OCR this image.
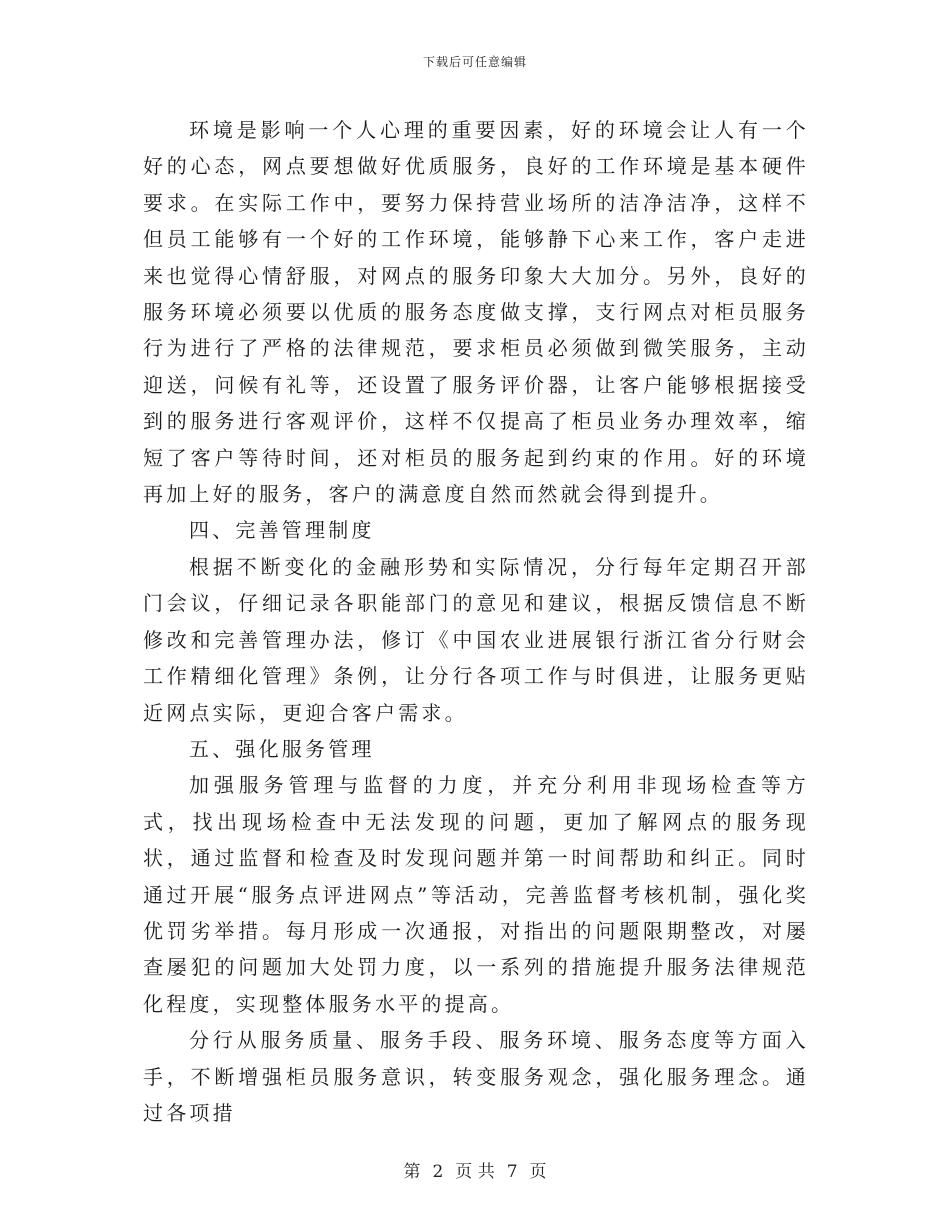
下载后可任意编辑

环境是影响一个人心理的重要因素，好的环境会让人有一个好的心态，网点要想做好优质服务，良好的工作环境是基本硬件要求。在实际工作中，要努力保持营业场所的洁净洁净，这样不但员工能够有一个好的工作环境，能够静下心来工作，客户走进来也觉得心情舒服，对网点的服务印象大大加分。另外，良好的服务环境必须要以优质的服务态度做支撑，支行网点对柜员服务行为进行了严格的法律规范，要求柜员必须做到微笑服务，主动迎送，问候有礼等，还设置了服务评价器，让客户能够根据接受到的服务进行客观评价，这样不仅提高了柜员业务办理效率，缩短了客户等待时间，还对柜员的服务起到约束的作用。好的环境再加上好的服务，客户的满意度自然而然就会得到提升。

四、完善管理制度

根据不断变化的金融形势和实际情况，分行每年定期召开部门会议，仔细记录各职能部门的意见和建议，根据反馈信息不断修改和完善管理办法，修订《中国农业进展银行浙江省分行财会工作精细化管理》条例，让分行各项工作与时俱进，让服务更贴近网点实际，更迎合客户需求。

五、强化服务管理

加强服务管理与监督的力度，并充分利用非现场检查等方式，找出现场检查中无法发现的问题，更加了解网点的服务现状，通过监督和检查及时发现问题并第一时间帮助和纠正。同时通过开展“服务点评进网点”等活动，完善监督考核机制，强化奖优罚劣举措。每月形成一次通报，对指出的问题限期整改，对屡查屡犯的问题加大处罚力度，以一系列的措施提升服务法律规范化程度，实现整体服务水平的提高。

分行从服务质量、服务手段、服务环境、服务态度等方面入手，不断增强柜员服务意识，转变服务观念，强化服务理念。通过各项措

第 2 页 共 7 页
